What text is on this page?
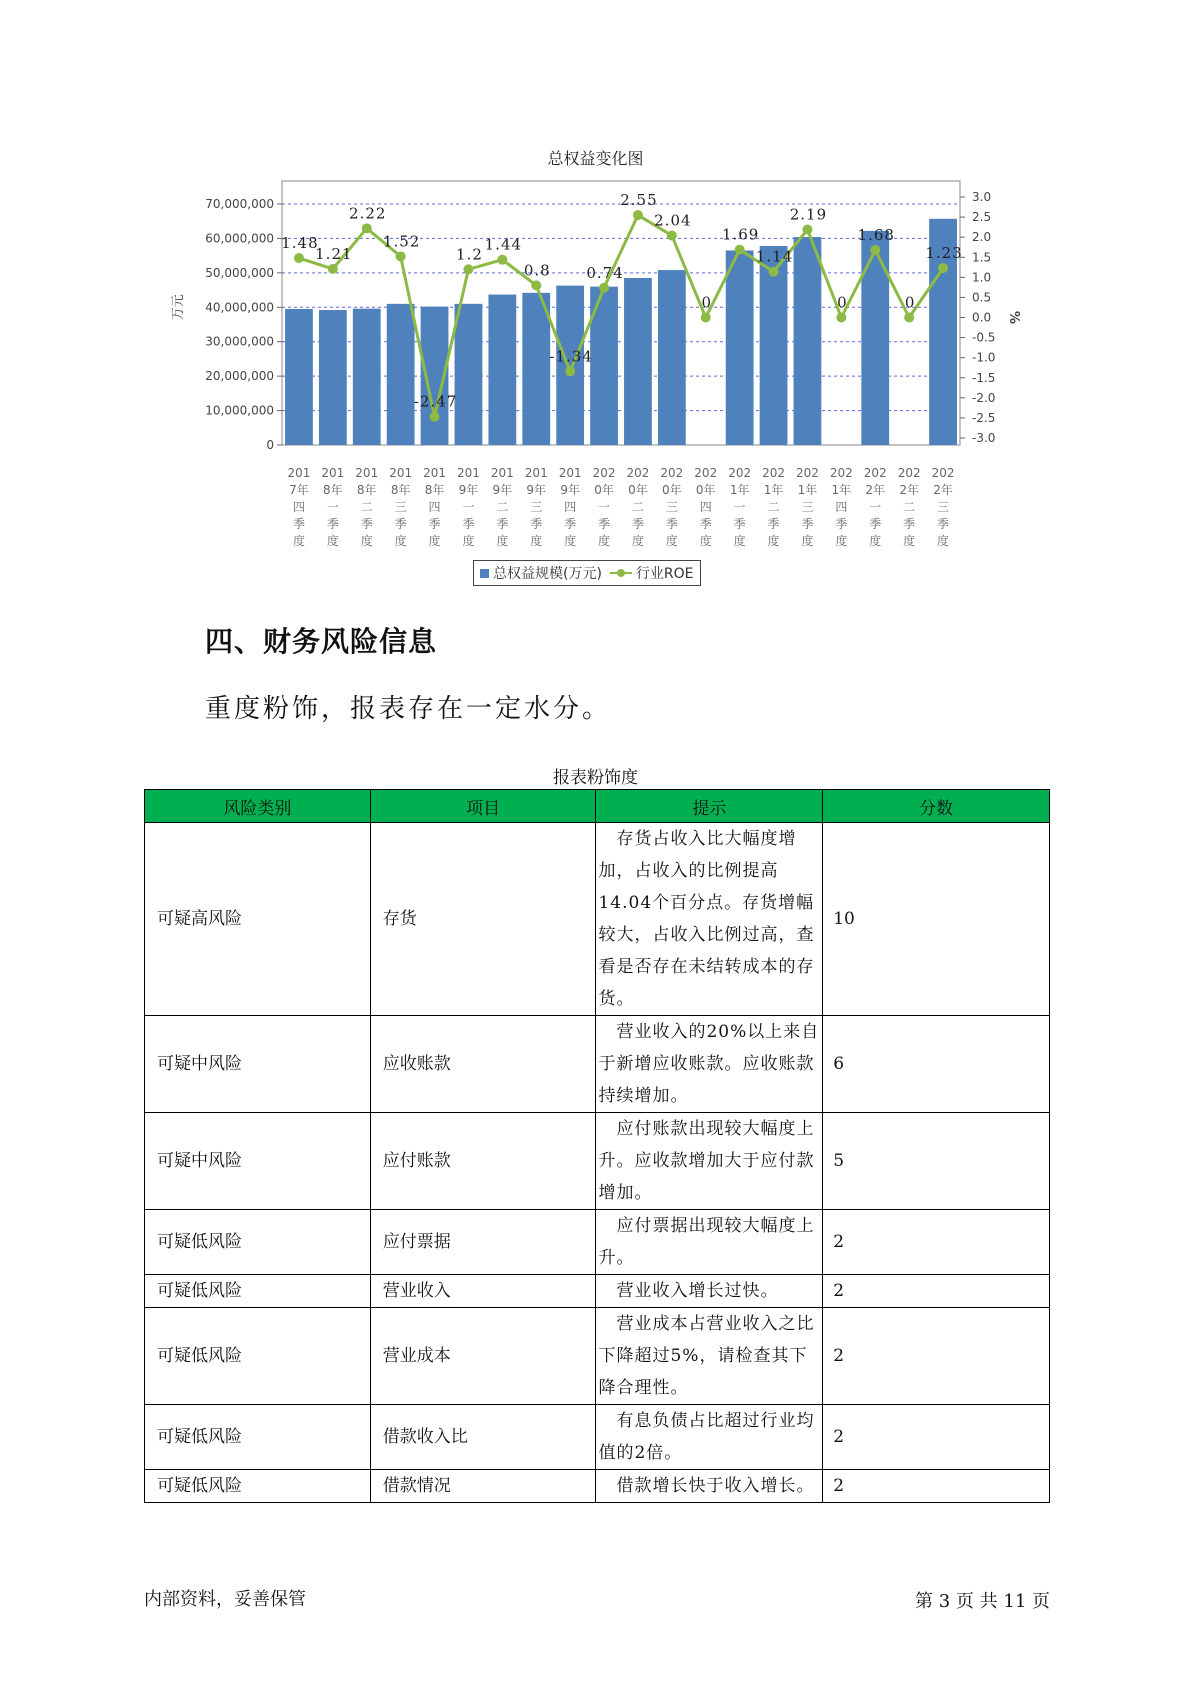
总权益变化图
70,000,000
60,000,000
50,000,000
40,000,000
30,000,000
20,000,000
10,000,000
0
万元
3.0
2.5
2.0
1.5
1.0
0.5
0.0
-0.5
-1.0
-1.5
-2.0
-2.5
-3.0
%
201
7年
四
季
度
201
8年
一
季
度
201
8年
二
季
度
201
8年
三
季
度
201
8年
四
季
度
201
9年
一
季
度
201
9年
二
季
度
201
9年
三
季
度
201
9年
四
季
度
202
0年
一
季
度
202
0年
二
季
度
202
0年
三
季
度
202
0年
四
季
度
202
1年
一
季
度
202
1年
二
季
度
202
1年
三
季
度
202
1年
四
季
度
202
2年
一
季
度
202
2年
二
季
度
202
2年
三
季
度
1.48
1.21
2.22
1.52
-2.47
1.2
1.44
0.8
-1.34
0.74
2.55
2.04
0
1.69
1.14
2.19
0
1.68
0
1.23
总权益规模(万元)	行业ROE
四、财务风险信息
重度粉饰，报表存在一定水分。
报表粉饰度
风险类别	项目	提示	分数
可疑高风险	存货	　存货占收入比大幅度增加，占收入的比例提高14.04个百分点。存货增幅较大，占收入比例过高，查看是否存在未结转成本的存货。	10
可疑中风险	应收账款	　营业收入的20%以上来自于新增应收账款。应收账款持续增加。	6
可疑中风险	应付账款	　应付账款出现较大幅度上升。应收款增加大于应付款增加。	5
可疑低风险	应付票据	　应付票据出现较大幅度上升。	2
可疑低风险	营业收入	　营业收入增长过快。	2
可疑低风险	营业成本	　营业成本占营业收入之比下降超过5%，请检查其下降合理性。	2
可疑低风险	借款收入比	　有息负债占比超过行业均值的2倍。	2
可疑低风险	借款情况	　借款增长快于收入增长。	2
内部资料，妥善保管	第 3 页 共 11 页
